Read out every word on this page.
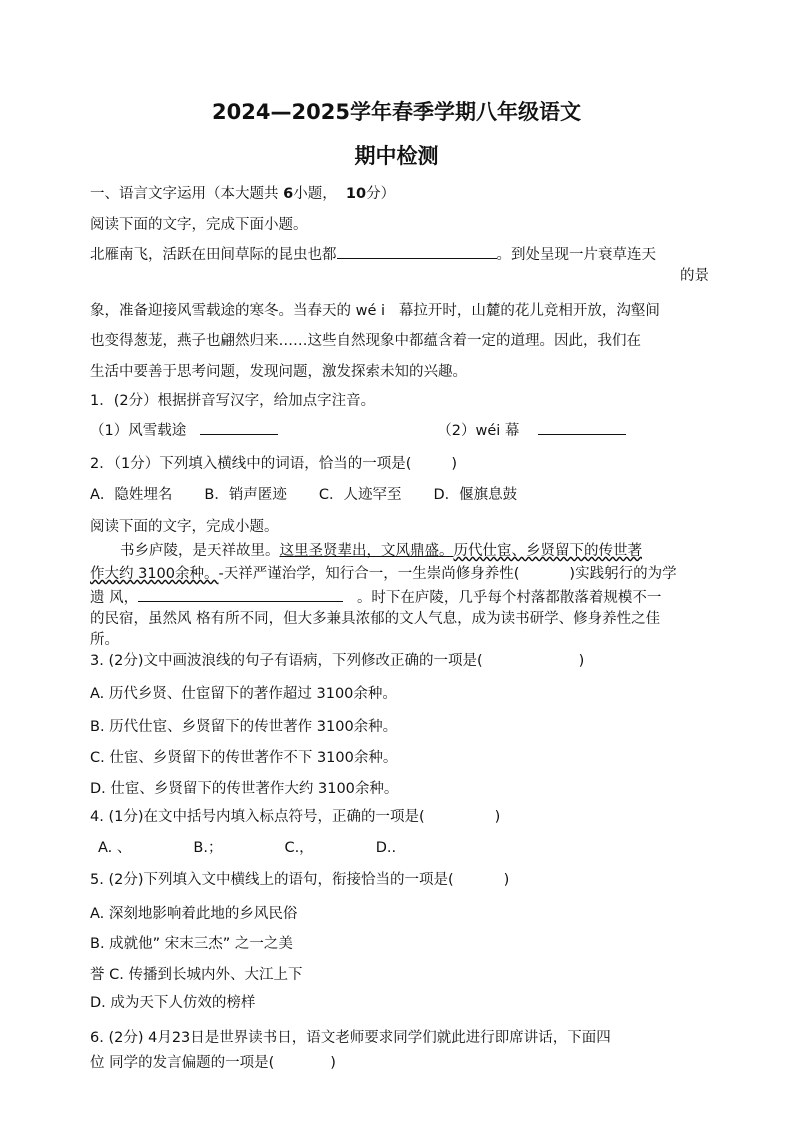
2024—2025学年春季学期八年级语文
期中检测
一、语言文字运用（本大题共 6小题， 10分）
阅读下面的文字，完成下面小题。
北雁南飞，活跃在田间草际的昆虫也都	。到处呈现一片衰草连天
的景
象，准备迎接风雪载途的寒冬。当春天的 wé i 幕拉开时，山麓的花儿竞相开放，沟壑间
也变得葱茏，燕子也翩然归来……这些自然现象中都蕴含着一定的道理。因此，我们在
生活中要善于思考问题，发现问题，激发探索未知的兴趣。
1．(2分）根据拼音写汉字，给加点字注音。
（1）风雪载途	（2）wéi 幕
2．（1分）下列填入横线中的词语，恰当的一项是(	)
A．隐姓埋名 B．销声匿迹 C．人迹罕至 D．偃旗息鼓
阅读下面的文字，完成小题。
书乡庐陵，是天祥故里。这里圣贤辈出，文风鼎盛。历代仕宦、乡贤留下的传世著
作大约 3100余种。-天祥严谨治学，知行合一，一生崇尚修身养性(	)实践躬行的为学
遗 风，	。时下在庐陵，几乎每个村落都散落着规模不一
的民宿，虽然风 格有所不同，但大多兼具浓郁的文人气息，成为读书研学、修身养性之佳
所。
3. (2分)文中画波浪线的句子有语病，下列修改正确的一项是(	)
A. 历代乡贤、仕宦留下的著作超过 3100余种。
B. 历代仕宦、乡贤留下的传世著作 3100余种。
C. 仕宦、乡贤留下的传世著作不下 3100余种。
D. 仕宦、乡贤留下的传世著作大约 3100余种。
4. (1分)在文中括号内填入标点符号，正确的一项是(	)
A. 、	B.；	C.，	D..
5. (2分)下列填入文中横线上的语句，衔接恰当的一项是(	)
A. 深刻地影响着此地的乡风民俗
B. 成就他” 宋末三杰” 之一之美
誉 C. 传播到长城内外、大江上下
D. 成为天下人仿效的榜样
6. (2分) 4月23日是世界读书日，语文老师要求同学们就此进行即席讲话，下面四
位 同学的发言偏题的一项是(	)
